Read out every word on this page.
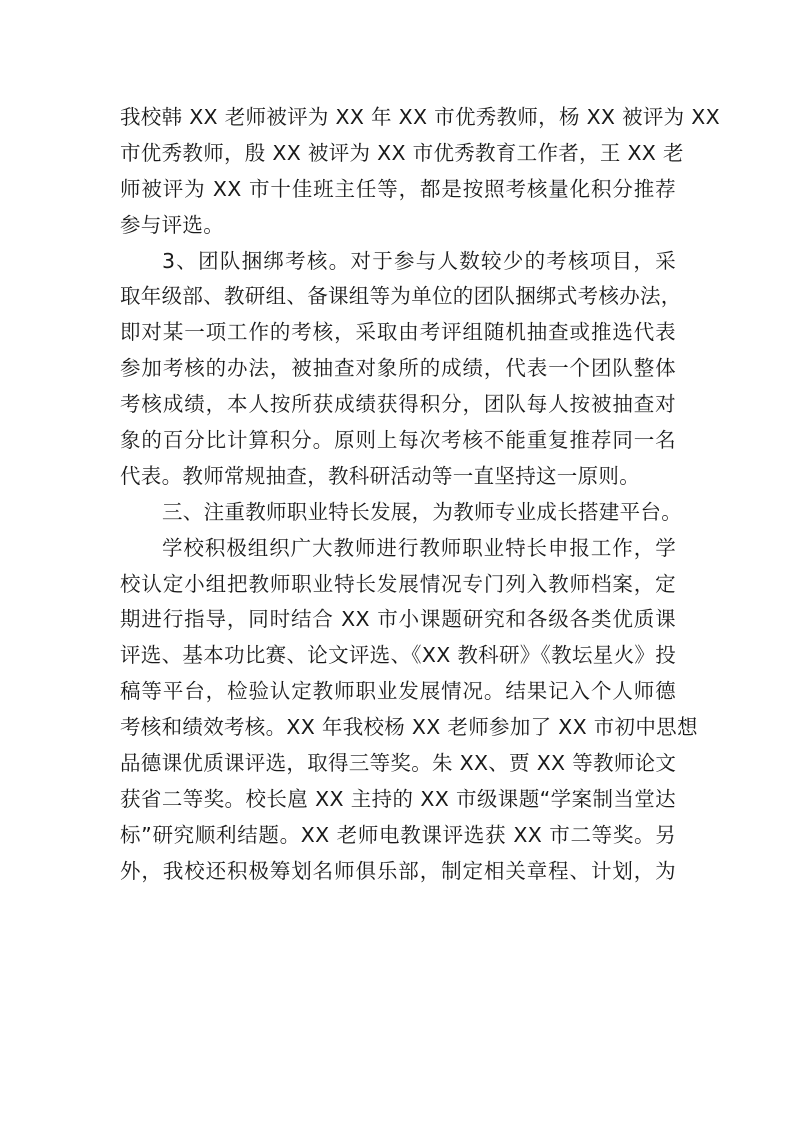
我校韩 XX 老师被评为 XX 年 XX 市优秀教师，杨 XX 被评为 XX
市优秀教师，殷 XX 被评为 XX 市优秀教育工作者，王 XX 老
师被评为 XX 市十佳班主任等，都是按照考核量化积分推荐
参与评选。
3、团队捆绑考核。对于参与人数较少的考核项目，采
取年级部、教研组、备课组等为单位的团队捆绑式考核办法，
即对某一项工作的考核，采取由考评组随机抽查或推选代表
参加考核的办法，被抽查对象所的成绩，代表一个团队整体
考核成绩，本人按所获成绩获得积分，团队每人按被抽查对
象的百分比计算积分。原则上每次考核不能重复推荐同一名
代表。教师常规抽查，教科研活动等一直坚持这一原则。
三、注重教师职业特长发展，为教师专业成长搭建平台。
学校积极组织广大教师进行教师职业特长申报工作，学
校认定小组把教师职业特长发展情况专门列入教师档案，定
期进行指导，同时结合 XX 市小课题研究和各级各类优质课
评选、基本功比赛、论文评选、《XX 教科研》《教坛星火》投
稿等平台，检验认定教师职业发展情况。结果记入个人师德
考核和绩效考核。XX 年我校杨 XX 老师参加了 XX 市初中思想
品德课优质课评选，取得三等奖。朱 XX、贾 XX 等教师论文
获省二等奖。校长扈 XX 主持的 XX 市级课题“学案制当堂达
标”研究顺利结题。XX 老师电教课评选获 XX 市二等奖。另
外，我校还积极筹划名师俱乐部，制定相关章程、计划，为
